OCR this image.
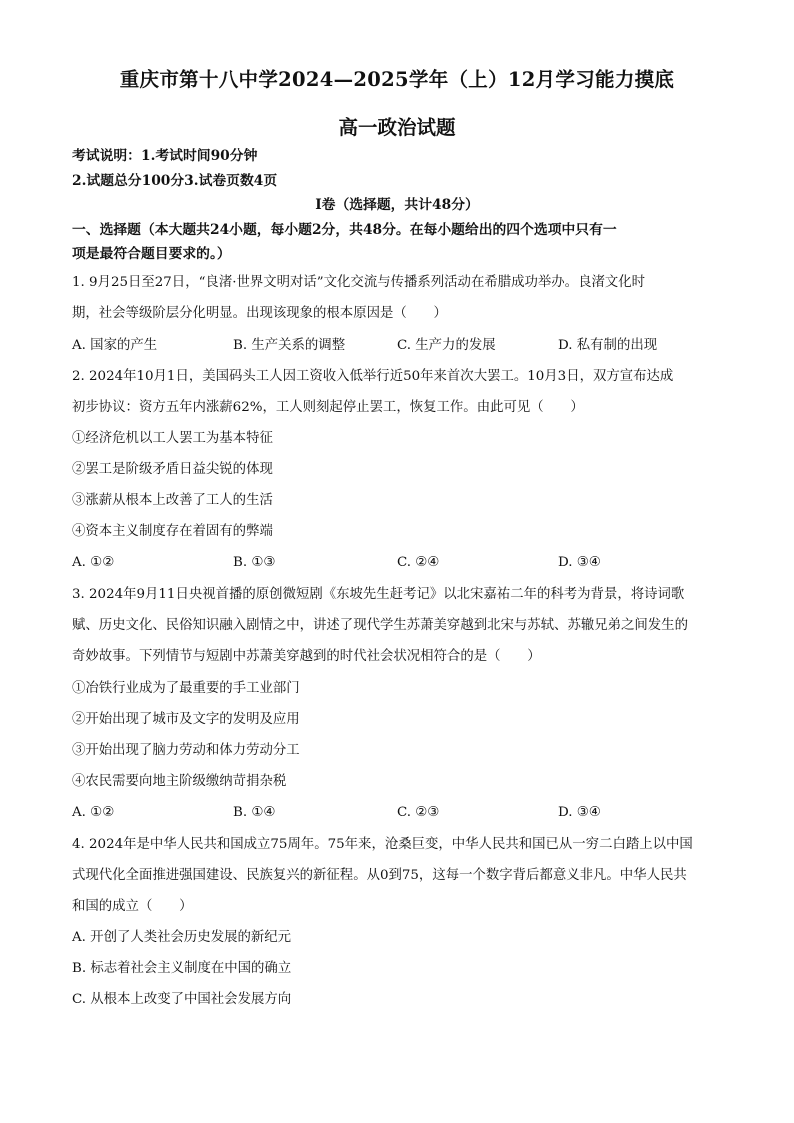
重庆市第十八中学2024—2025学年（上）12月学习能力摸底
高一政治试题
考试说明：1.考试时间90分钟
2.试题总分100分3.试卷页数4页
I卷（选择题，共计48分）
一、选择题（本大题共24小题，每小题2分，共48分。在每小题给出的四个选项中只有一
项是最符合题目要求的。）
1. 9月25日至27日，“良渚·世界文明对话”文化交流与传播系列活动在希腊成功举办。良渚文化时
期，社会等级阶层分化明显。出现该现象的根本原因是（　　）
A. 国家的产生	B. 生产关系的调整	C. 生产力的发展	D. 私有制的出现
2. 2024年10月1日，美国码头工人因工资收入低举行近50年来首次大罢工。10月3日，双方宣布达成
初步协议：资方五年内涨薪62%，工人则刻起停止罢工，恢复工作。由此可见（　　）
①经济危机以工人罢工为基本特征
②罢工是阶级矛盾日益尖锐的体现
③涨薪从根本上改善了工人的生活
④资本主义制度存在着固有的弊端
A. ①②	B. ①③	C. ②④	D. ③④
3. 2024年9月11日央视首播的原创微短剧《东坡先生赶考记》以北宋嘉祐二年的科考为背景，将诗词歌
赋、历史文化、民俗知识融入剧情之中，讲述了现代学生苏萧美穿越到北宋与苏轼、苏辙兄弟之间发生的
奇妙故事。下列情节与短剧中苏萧美穿越到的时代社会状况相符合的是（　　）
①冶铁行业成为了最重要的手工业部门
②开始出现了城市及文字的发明及应用
③开始出现了脑力劳动和体力劳动分工
④农民需要向地主阶级缴纳苛捐杂税
A. ①②	B. ①④	C. ②③	D. ③④
4. 2024年是中华人民共和国成立75周年。75年来，沧桑巨变，中华人民共和国已从一穷二白踏上以中国
式现代化全面推进强国建设、民族复兴的新征程。从0到75，这每一个数字背后都意义非凡。中华人民共
和国的成立（　　）
A. 开创了人类社会历史发展的新纪元
B. 标志着社会主义制度在中国的确立
C. 从根本上改变了中国社会发展方向
